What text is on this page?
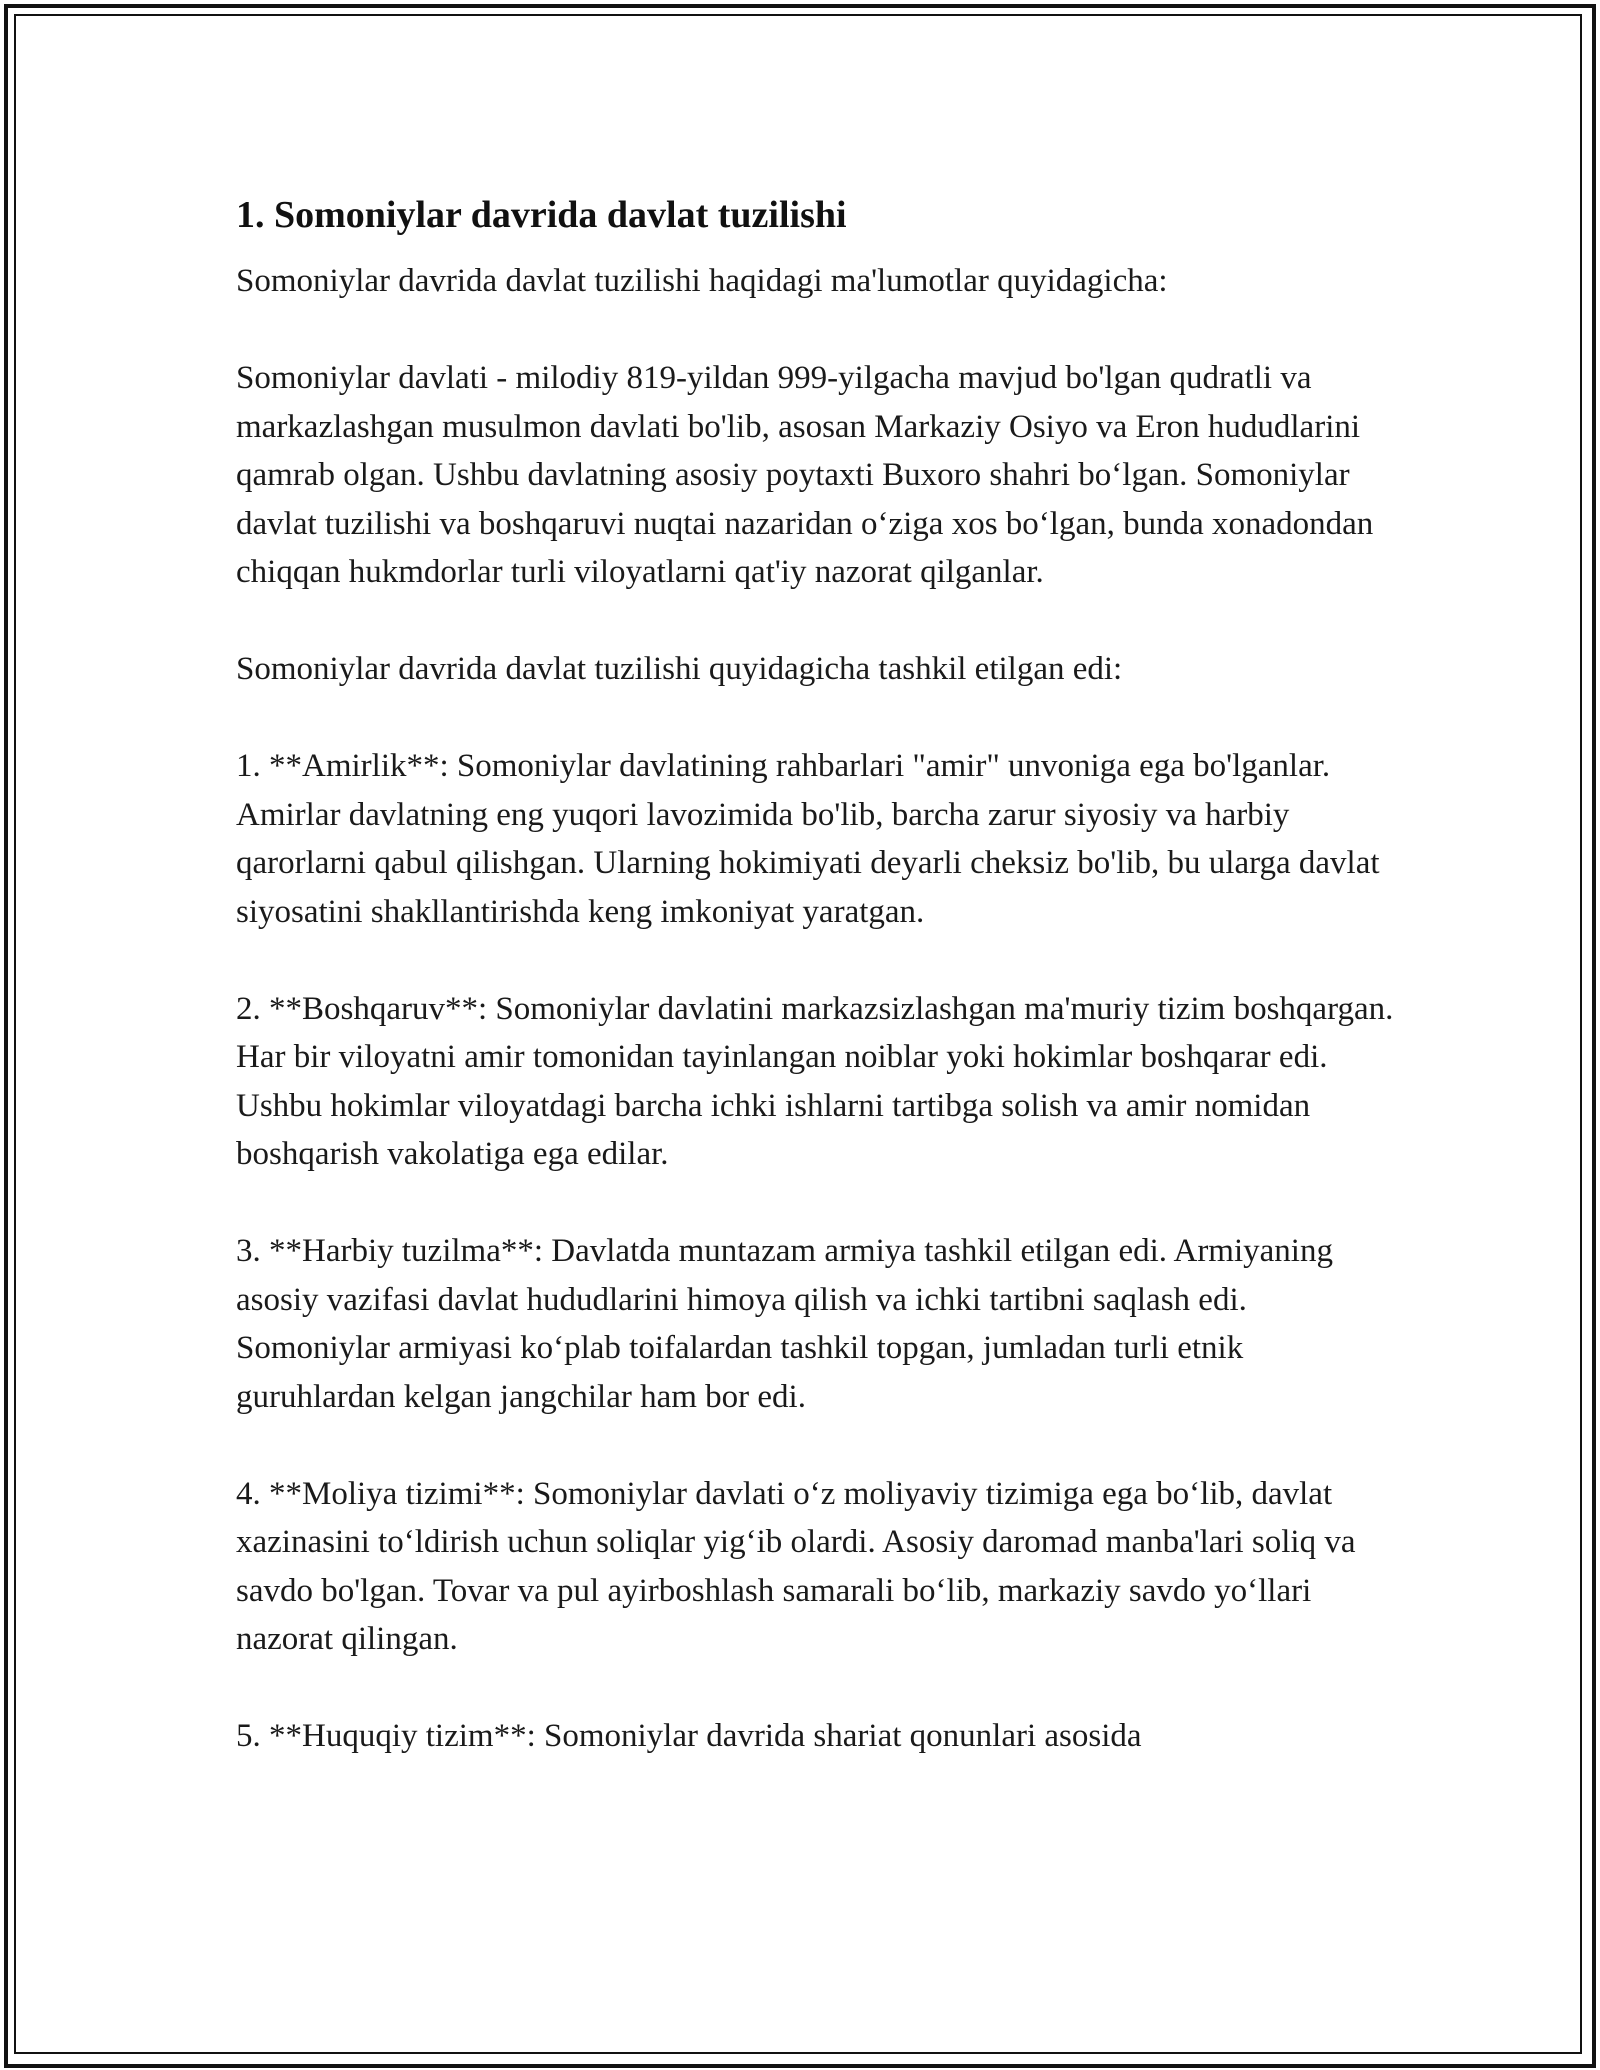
1. Somoniylar davrida davlat tuzilishi

Somoniylar davrida davlat tuzilishi haqidagi ma'lumotlar quyidagicha:

Somoniylar davlati - milodiy 819-yildan 999-yilgacha mavjud bo'lgan qudratli va markazlashgan musulmon davlati bo'lib, asosan Markaziy Osiyo va Eron hududlarini qamrab olgan. Ushbu davlatning asosiy poytaxti Buxoro shahri bo‘lgan. Somoniylar davlat tuzilishi va boshqaruvi nuqtai nazaridan o‘ziga xos bo‘lgan, bunda xonadondan chiqqan hukmdorlar turli viloyatlarni qat'iy nazorat qilganlar.

Somoniylar davrida davlat tuzilishi quyidagicha tashkil etilgan edi:

1. **Amirlik**: Somoniylar davlatining rahbarlari "amir" unvoniga ega bo'lganlar. Amirlar davlatning eng yuqori lavozimida bo'lib, barcha zarur siyosiy va harbiy qarorlarni qabul qilishgan. Ularning hokimiyati deyarli cheksiz bo'lib, bu ularga davlat siyosatini shakllantirishda keng imkoniyat yaratgan.

2. **Boshqaruv**: Somoniylar davlatini markazsizlashgan ma'muriy tizim boshqargan. Har bir viloyatni amir tomonidan tayinlangan noiblar yoki hokimlar boshqarar edi. Ushbu hokimlar viloyatdagi barcha ichki ishlarni tartibga solish va amir nomidan boshqarish vakolatiga ega edilar.

3. **Harbiy tuzilma**: Davlatda muntazam armiya tashkil etilgan edi. Armiyaning asosiy vazifasi davlat hududlarini himoya qilish va ichki tartibni saqlash edi. Somoniylar armiyasi ko‘plab toifalardan tashkil topgan, jumladan turli etnik guruhlardan kelgan jangchilar ham bor edi.

4. **Moliya tizimi**: Somoniylar davlati o‘z moliyaviy tizimiga ega bo‘lib, davlat xazinasini to‘ldirish uchun soliqlar yig‘ib olardi. Asosiy daromad manba'lari soliq va savdo bo'lgan. Tovar va pul ayirboshlash samarali bo‘lib, markaziy savdo yo‘llari nazorat qilingan.

5. **Huquqiy tizim**: Somoniylar davrida shariat qonunlari asosida
